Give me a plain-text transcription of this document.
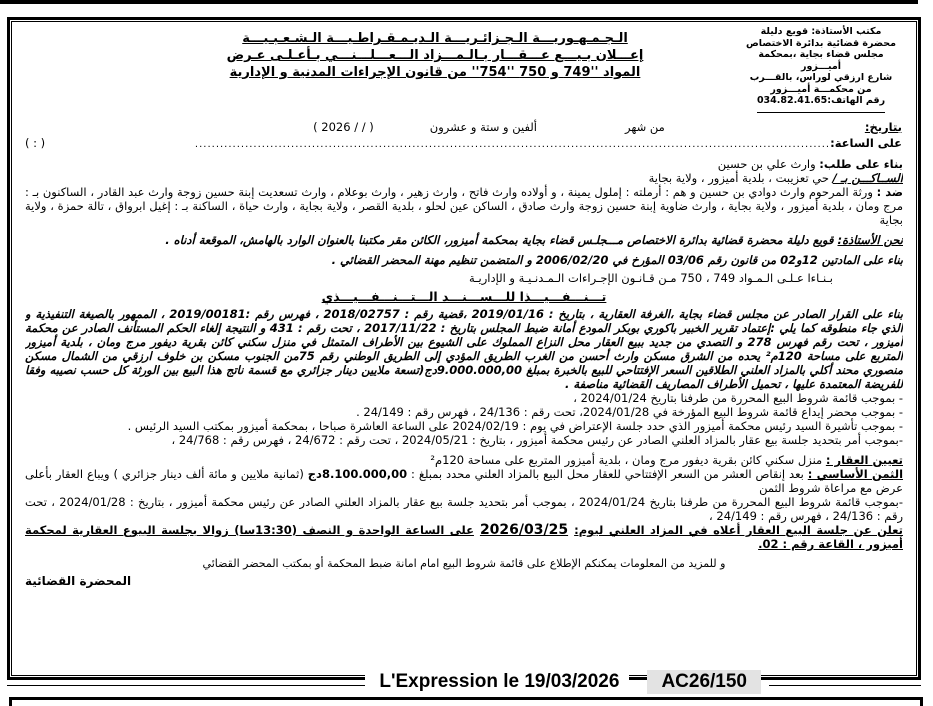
مكتب الأستاذة: قويع دليلة
محضرة قضائية بدائرة الاختصاص
مجلس قضاء بجاية ،بمحكمة
أميـــزور
شارع ارزقي لوراس، بالقـــرب
من محكمـــة أميـــزور
رقم الهاتف:034.82.41.65
الـجـمـهـوريـــة الـجـزائـريـــة الـديـمـقـراطـيـــة الـشـعـبـيـــة
إعـــلان بـيـــع عـــقـــار بـالـمـــزاد الـــعـــلـــنـــي بـأعـلـى عـرض
المواد ''749 و 750 ''754'' من قانون الإجراءات المدنية و الإدارية
بتاريخ:
من شهر
ألفين و ستة و عشرون
( / / 2026 )
على الساعة:
........................................................................................................................................................
( : )

بناء على طلب: وارث علي بن حسين

الســاكـــن بـ / حي تعزيبت ، بلدية أميزور ، ولاية بجاية

ضد : ورثة المرحوم وارث دوادي بن حسين و هم : أرملته : إملول يمينة ، و أولاده وارث فاتح ، وارث زهير ، وارث بوعلام ، وارث تسعديت إبنة حسين زوجة وارث عبد القادر ، الساكنون بـ : مرج ومان ، بلدية أميزور ، ولاية بجاية ، وارث ضاوية إبنة حسين زوجة وارث صادق ، الساكن عين لحلو ، بلدية القصر ، ولاية بجاية ، وارث حياة ، الساكنة بـ : إغيل ابرواق ، تالة حمزة ، ولاية بجاية

نحن الأستاذة: قويع دليلة محضرة قضائية بدائرة الاختصاص مـــجلـس قضاء بجاية بمحكمة أميزور، الكائن مقر مكتبنا بالعنوان الوارد بالهامش، الموقعة أدناه .

بناء على المادتين 12و02 من قانون رقم 03/06 المؤرخ في 2006/02/20 و المتضمن تنظيم مهنة المحضر القضائي .

بـنـاءا عـلـى الـمـواد 749 ، 750 مـن قـانـون الإجـراءات الـمـدنـيـة و الإداريـة

تـــنـــفـــيـــذا للـــســـنـــد الـــتـــنـــفـــيـــذي

بناء على القرار الصادر عن مجلس قضاء بجاية ،الغرفة العقارية ، بتاريخ : 2019/01/16 ،قضية رقم : 2018/02757 ، فهرس رقم :2019/00181 ، الممهور بالصيغة التنفيذية و الذي جاء منطوقه كما يلي :إعتماد تقرير الخبير باكوري بوبكر المودع أمانة ضبط المجلس بتاريخ : 2017/11/22 ، تحت رقم : 431 و النتيجة إلغاء الحكم المستأنف الصادر عن محكمة أميزور ، تحت رقم فهرس 278 و التصدي من جديد ببيع العقار محل النزاع المملوك على الشيوع بين الأطراف المتمثل في منزل سكني كائن بقرية ديفور مرج ومان ، بلدية أميزور المتربع على مساحة 120م² يحده من الشرق مسكن وارث أحسن من الغرب الطريق المؤدي إلى الطريق الوطني رقم 75من الجنوب مسكن بن خلوف ارزقي من الشمال مسكن منصوري محند أكلي بالمزاد العلني الطلاقين السعر الإفتتاحي للبيع بالخبرة بمبلغ 9.000.000,00دج(تسعة ملايين دينار جزائري مع قسمة ناتج هذا البيع بين الورثة كل حسب نصيبه وفقا للفريضة المعتمدة عليها ، تحميل الأطراف المصاريف القضائية مناصفة .

- بموجب قائمة شروط البيع المحررة من طرفنا بتاريخ 2024/01/24 ،

- بموجب محضر إيداع قائمة شروط البيع المؤرخة في 2024/01/28، تحت رقم : 24/136 ، فهرس رقم : 24/149 .

- بموجب تأشيرة السيد رئيس محكمة أميزور الذي حدد جلسة الإعتراض في يوم : 2024/02/19 على الساعة العاشرة صباحا ، بمحكمة أميزور بمكتب السيد الرئيس .

-بموجب أمر بتحديد جلسة بيع عقار بالمزاد العلني الصادر عن رئيس محكمة أميزور ، بتاريخ : 2024/05/21 ، تحت رقم : 24/672 ، فهرس رقم : 24/768 ،

تعيين العقار : منزل سكني كائن بقرية ديفور مرج ومان ، بلدية أميزور المتربع على مساحة 120م²

الثمن الأساسي : بعد إنقاص العشر من السعر الإفتتاحي للعقار محل البيع بالمزاد العلني محدد بمبلغ : 8.100.000,00دج (ثمانية ملايين و مائة ألف دينار جزائري ) ويباع العقار بأعلى عرض مع مراعاة شروط الثمن

-بموجب قائمة شروط البيع المحررة من طرفنا بتاريخ 2024/01/24 ، بموجب أمر بتحديد جلسة بيع عقار بالمزاد العلني الصادر عن رئيس محكمة أميزور ، بتاريخ : 2024/01/28 ، تحت رقم : 24/136 ، فهرس رقم : 24/149 ،

تعلن عن جلسة البيع العقار أعلاه في المزاد العلني ليوم:2026/03/25على الساعة الواحدة و النصف (13:30سا) زوالا بجلسة البيوع العقارية لمحكمة أميزور ، القاعة رقم : 02.

و للمزيد من المعلومات يمكنكم الإطلاع على قائمة شروط البيع امام امانة ضبط المحكمة أو بمكتب المحضر القضائي

المحضرة القضائية

L'Expression le 19/03/2026	AC26/150
